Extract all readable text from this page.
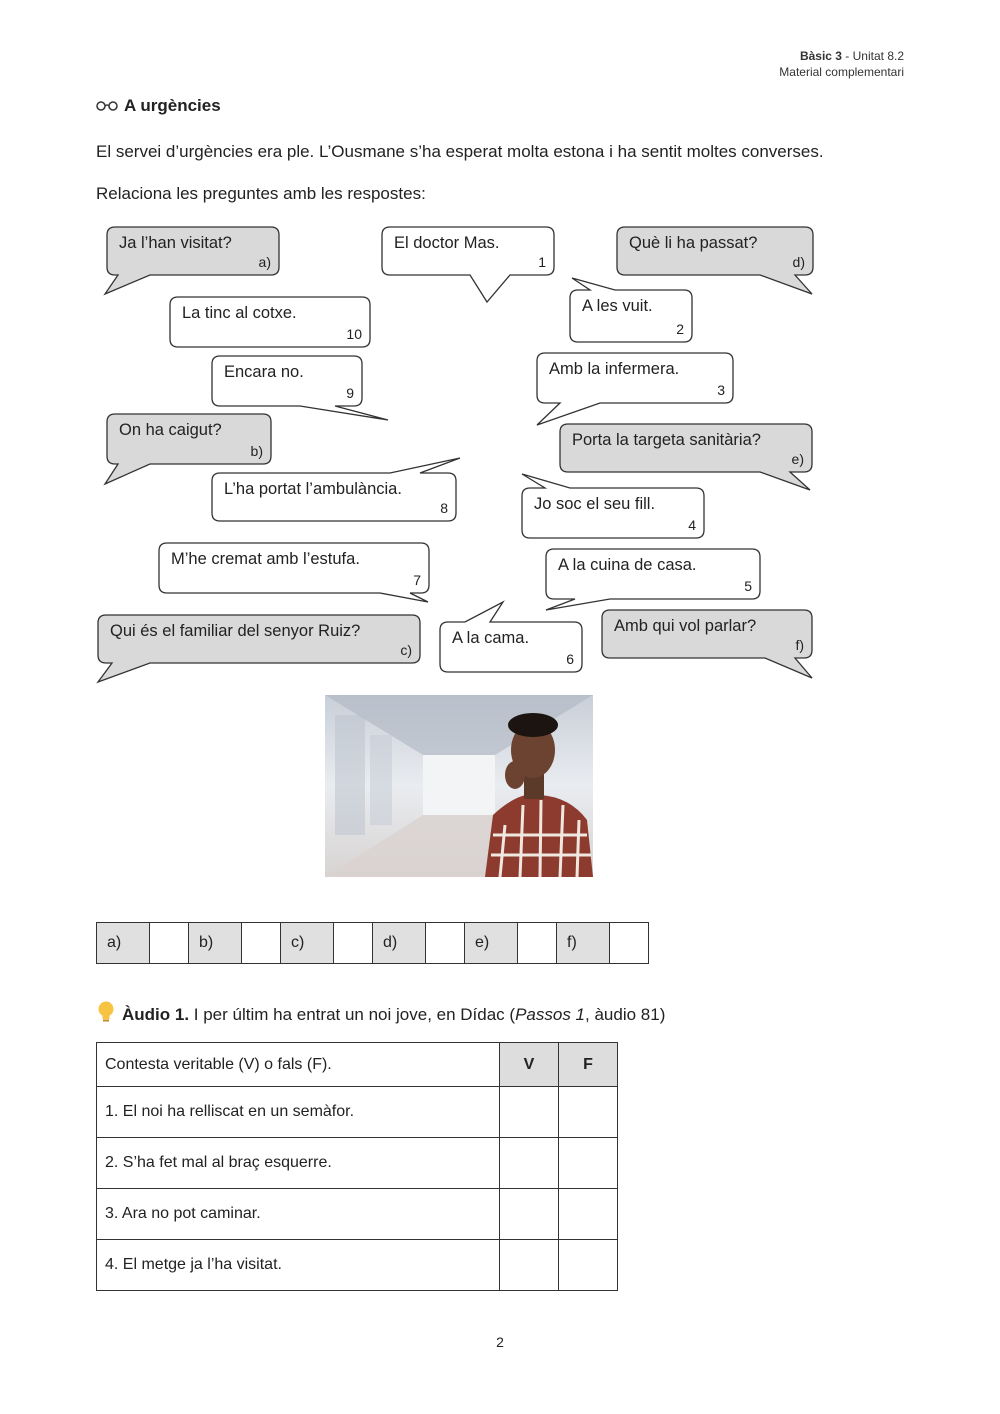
Bàsic 3 - Unitat 8.2
Material complementari
A urgències
El servei d’urgències era ple. L’Ousmane s’ha esperat molta estona i ha sentit moltes converses.
Relaciona les preguntes amb les respostes:
Ja l’han visitat?
a)
El doctor Mas.
1
Què li ha passat?
d)
La tinc al cotxe.
10
A les vuit.
2
Encara no.
9
Amb la infermera.
3
On ha caigut?
b)
Porta la targeta sanitària?
e)
L’ha portat l’ambulància.
8	Jo soc el seu fill.
4
M’he cremat amb l’estufa.
7
A la cuina de casa.
5
Qui és el familiar del senyor Ruiz?
c)
A la cama.
6
Amb qui vol parlar?
f)
a)		b)		c)		d)		e)		f)	
Àudio 1. I per últim ha entrat un noi jove, en Dídac (Passos 1, àudio 81)
Contesta veritable (V) o fals (F).	V	F
1. El noi ha relliscat en un semàfor.		
2. S’ha fet mal al braç esquerre.		
3. Ara no pot caminar.		
4. El metge ja l’ha visitat.		
2
